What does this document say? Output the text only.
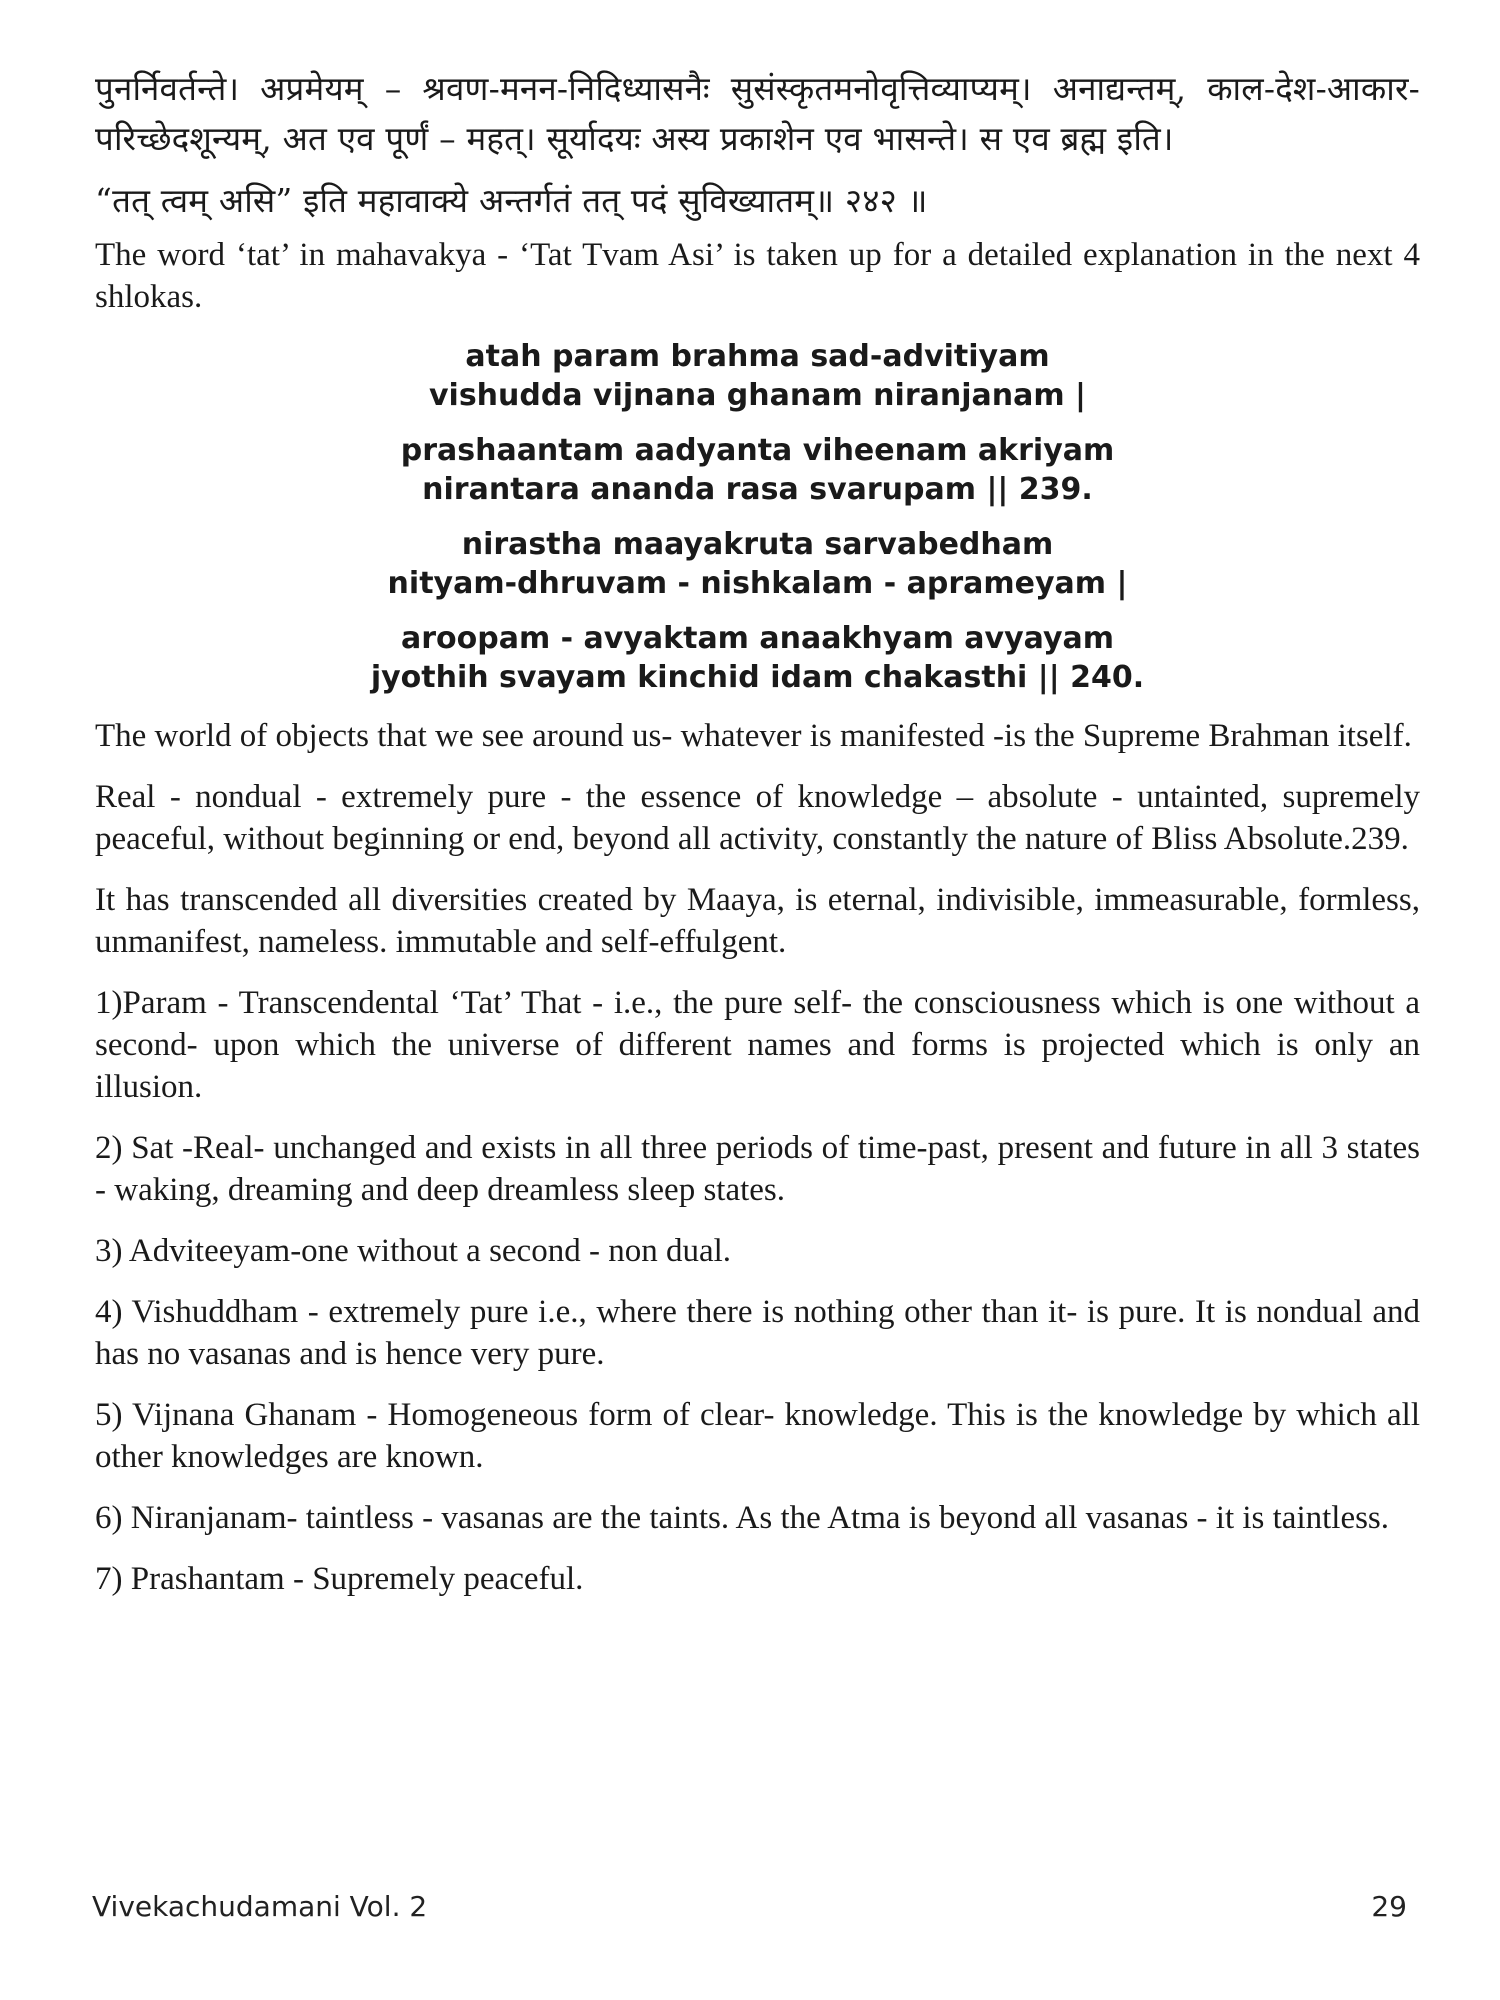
पुनर्निवर्तन्ते। अप्रमेयम् – श्रवण-मनन-निदिध्यासनैः सुसंस्कृतमनोवृत्तिव्याप्यम्। अनाद्यन्तम्, काल-देश-आकार-परिच्छेदशून्यम्, अत एव पूर्णं – महत्। सूर्यादयः अस्य प्रकाशेन एव भासन्ते। स एव ब्रह्म इति।

“तत् त्वम् असि” इति महावाक्ये अन्तर्गतं तत् पदं सुविख्यातम्॥ २४२ ॥

The word ‘tat’ in mahavakya - ‘Tat Tvam Asi’ is taken up for a detailed explanation in the next 4 shlokas.

atah param brahma sad-advitiyam
vishudda vijnana ghanam niranjanam |
prashaantam aadyanta viheenam akriyam
nirantara ananda rasa svarupam || 239.
nirastha maayakruta sarvabedham
nityam-dhruvam - nishkalam - aprameyam |
aroopam - avyaktam anaakhyam avyayam
jyothih svayam kinchid idam chakasthi || 240.

The world of objects that we see around us- whatever is manifested -is the Supreme Brahman itself.

Real - nondual - extremely pure - the essence of knowledge – absolute - untainted, supremely peaceful, without beginning or end, beyond all activity, constantly the nature of Bliss Absolute.239.

It has transcended all diversities created by Maaya, is eternal, indivisible, immeasurable, formless, unmanifest, nameless. immutable and self-effulgent.

1)Param - Transcendental ‘Tat’ That - i.e., the pure self- the consciousness which is one without a second- upon which the universe of different names and forms is projected which is only an illusion.

2) Sat -Real- unchanged and exists in all three periods of time-past, present and future in all 3 states - waking, dreaming and deep dreamless sleep states.

3) Adviteeyam-one without a second - non dual.

4) Vishuddham - extremely pure i.e., where there is nothing other than it- is pure. It is nondual and has no vasanas and is hence very pure.

5) Vijnana Ghanam - Homogeneous form of clear- knowledge. This is the knowledge by which all other knowledges are known.

6) Niranjanam- taintless - vasanas are the taints. As the Atma is beyond all vasanas - it is taintless.

7) Prashantam - Supremely peaceful.

Vivekachudamani Vol. 2	29
